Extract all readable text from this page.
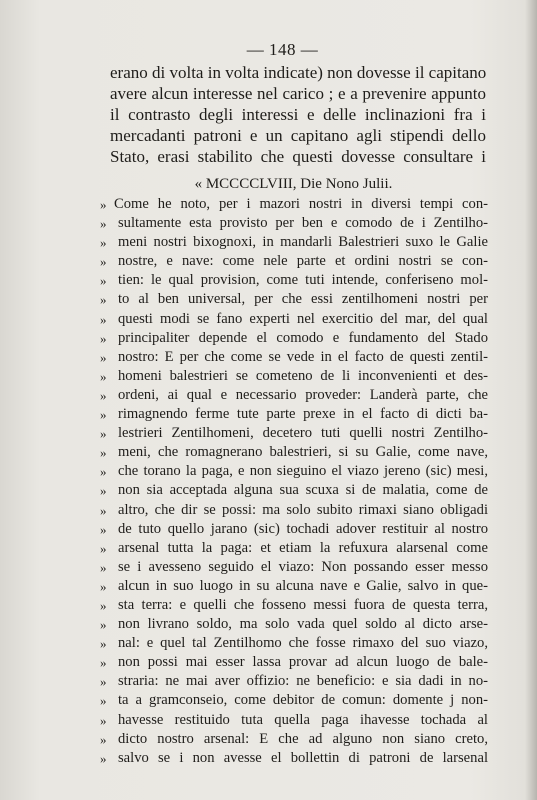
— 148 —
erano di volta in volta indicate) non dovesse il capitano
avere alcun interesse nel carico ; e a prevenire appunto
il contrasto degli interessi e delle inclinazioni fra i
mercadanti patroni e un capitano agli stipendi dello
Stato, erasi stabilito che questi dovesse consultare i
« MCCCCLVIII, Die Nono Julii.
» Come he noto, per i mazori nostri in diversi tempi con-
» sultamente esta provisto per ben e comodo de i Zentilho-
» meni nostri bixognoxi, in mandarli Balestrieri suxo le Galie
» nostre, e nave: come nele parte et ordini nostri se con-
» tien: le qual provision, come tuti intende, conferiseno mol-
» to al ben universal, per che essi zentilhomeni nostri per
» questi modi se fano experti nel exercitio del mar, del qual
» principaliter depende el comodo e fundamento del Stado
» nostro: E per che come se vede in el facto de questi zentil-
» homeni balestrieri se cometeno de li inconvenienti et des-
» ordeni, ai qual e necessario proveder: Landerà parte, che
» rimagnendo ferme tute parte prexe in el facto di dicti ba-
» lestrieri Zentilhomeni, decetero tuti quelli nostri Zentilho-
» meni, che romagnerano balestrieri, si su Galie, come nave,
» che torano la paga, e non sieguino el viazo jereno (sic) mesi,
» non sia acceptada alguna sua scuxa si de malatia, come de
» altro, che dir se possi: ma solo subito rimaxi siano obligadi
» de tuto quello jarano (sic) tochadi adover restituir al nostro
» arsenal tutta la paga: et etiam la refuxura alarsenal come
» se i avesseno seguido el viazo: Non possando esser messo
» alcun in suo luogo in su alcuna nave e Galie, salvo in que-
» sta terra: e quelli che fosseno messi fuora de questa terra,
» non livrano soldo, ma solo vada quel soldo al dicto arse-
» nal: e quel tal Zentilhomo che fosse rimaxo del suo viazo,
» non possi mai esser lassa provar ad alcun luogo de bale-
» straria: ne mai aver offizio: ne beneficio: e sia dadi in no-
» ta a gramconseio, come debitor de comun: domente j non-
» havesse restituido tuta quella paga ihavesse tochada al
» dicto nostro arsenal: E che ad alguno non siano creto,
» salvo se i non avesse el bollettin di patroni de larsenal
